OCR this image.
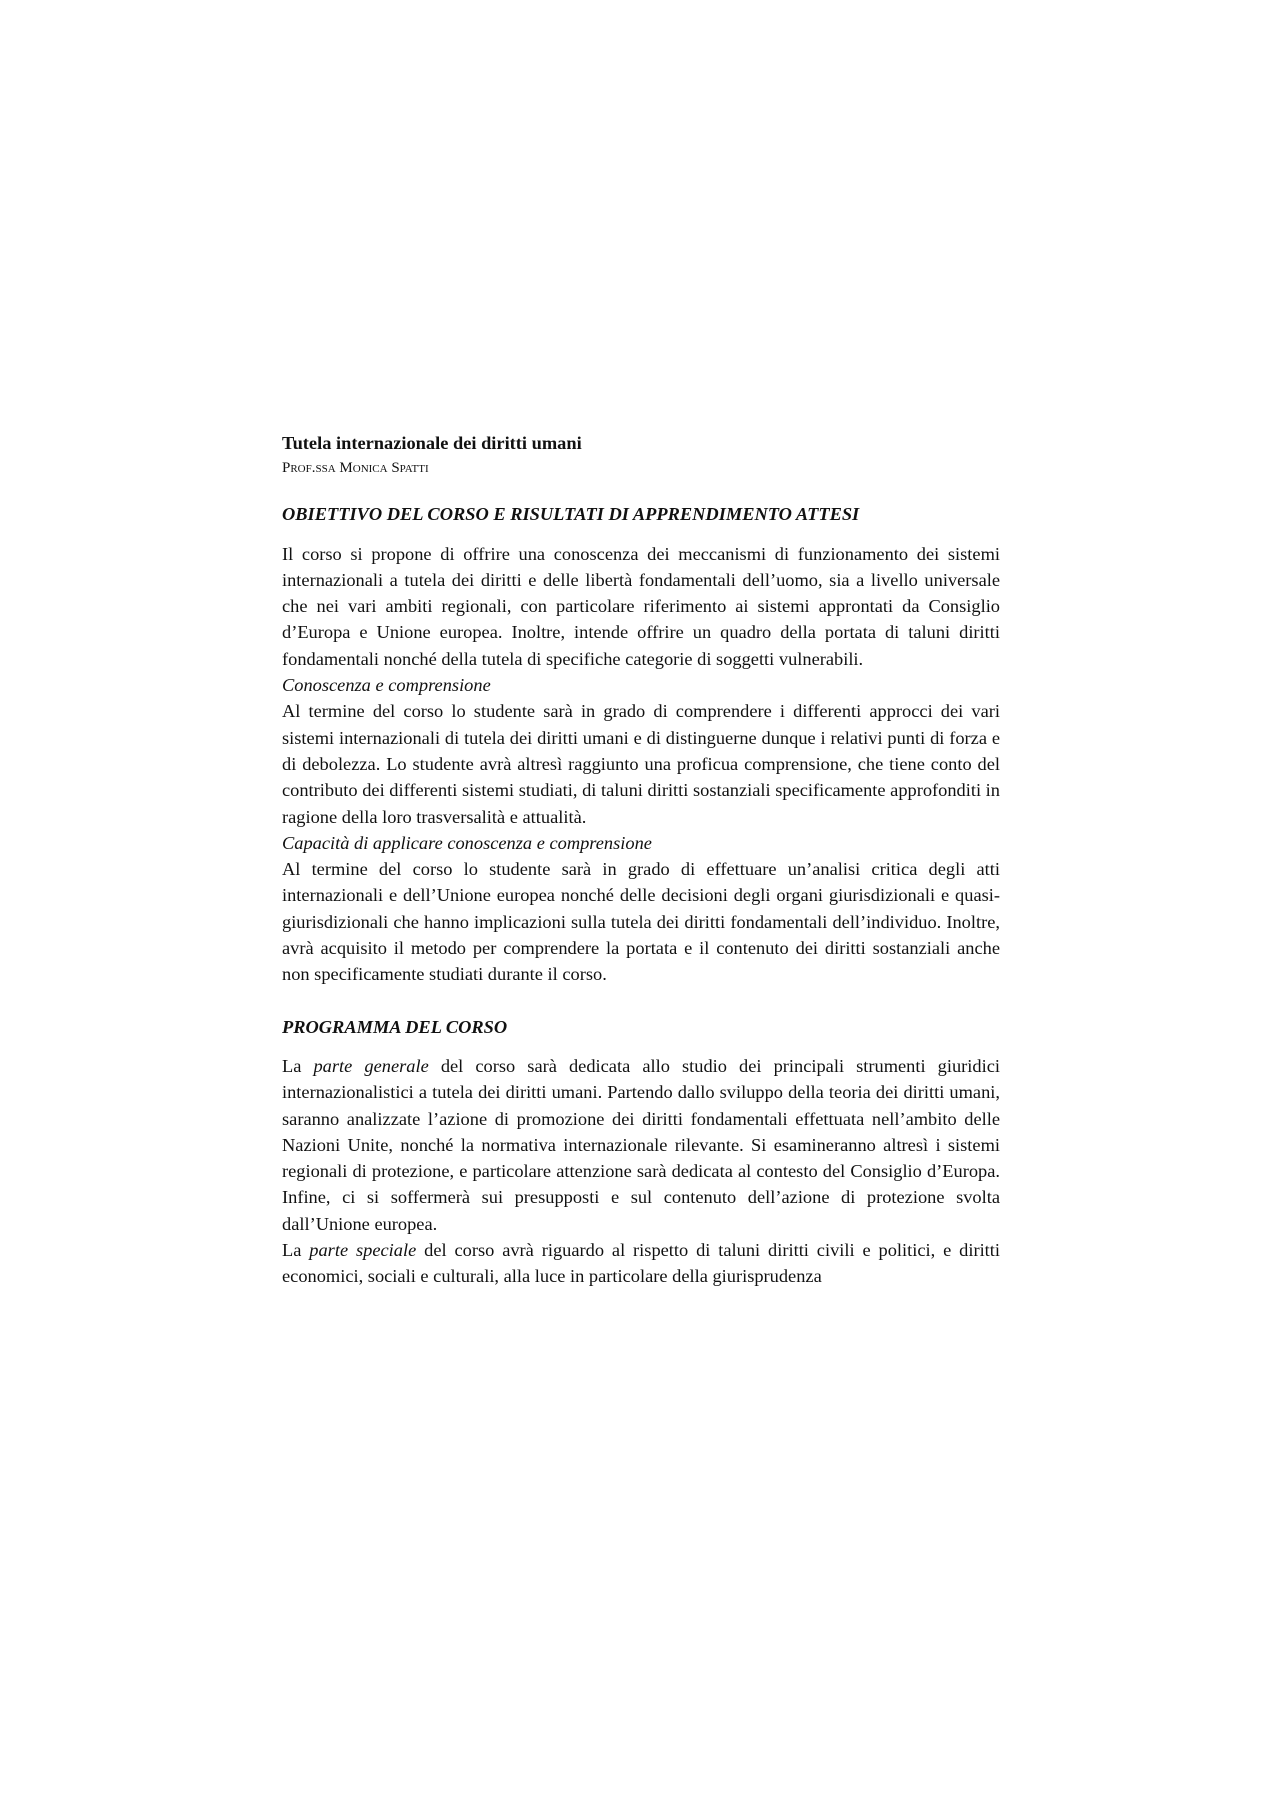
Tutela internazionale dei diritti umani
Prof.ssa Monica Spatti
OBIETTIVO DEL CORSO E RISULTATI DI APPRENDIMENTO ATTESI

Il corso si propone di offrire una conoscenza dei meccanismi di funzionamento dei sistemi internazionali a tutela dei diritti e delle libertà fondamentali dell’uomo, sia a livello universale che nei vari ambiti regionali, con particolare riferimento ai sistemi approntati da Consiglio d’Europa e Unione europea. Inoltre, intende offrire un quadro della portata di taluni diritti fondamentali nonché della tutela di specifiche categorie di soggetti vulnerabili.

Conoscenza e comprensione

Al termine del corso lo studente sarà in grado di comprendere i differenti approcci dei vari sistemi internazionali di tutela dei diritti umani e di distinguerne dunque i relativi punti di forza e di debolezza. Lo studente avrà altresì raggiunto una proficua comprensione, che tiene conto del contributo dei differenti sistemi studiati, di taluni diritti sostanziali specificamente approfonditi in ragione della loro trasversalità e attualità.

Capacità di applicare conoscenza e comprensione

Al termine del corso lo studente sarà in grado di effettuare un’analisi critica degli atti internazionali e dell’Unione europea nonché delle decisioni degli organi giurisdizionali e quasi-giurisdizionali che hanno implicazioni sulla tutela dei diritti fondamentali dell’individuo. Inoltre, avrà acquisito il metodo per comprendere la portata e il contenuto dei diritti sostanziali anche non specificamente studiati durante il corso.

PROGRAMMA DEL CORSO

La parte generale del corso sarà dedicata allo studio dei principali strumenti giuridici internazionalistici a tutela dei diritti umani. Partendo dallo sviluppo della teoria dei diritti umani, saranno analizzate l’azione di promozione dei diritti fondamentali effettuata nell’ambito delle Nazioni Unite, nonché la normativa internazionale rilevante. Si esamineranno altresì i sistemi regionali di protezione, e particolare attenzione sarà dedicata al contesto del Consiglio d’Europa. Infine, ci si soffermerà sui presupposti e sul contenuto dell’azione di protezione svolta dall’Unione europea.

La parte speciale del corso avrà riguardo al rispetto di taluni diritti civili e politici, e diritti economici, sociali e culturali, alla luce in particolare della giurisprudenza
